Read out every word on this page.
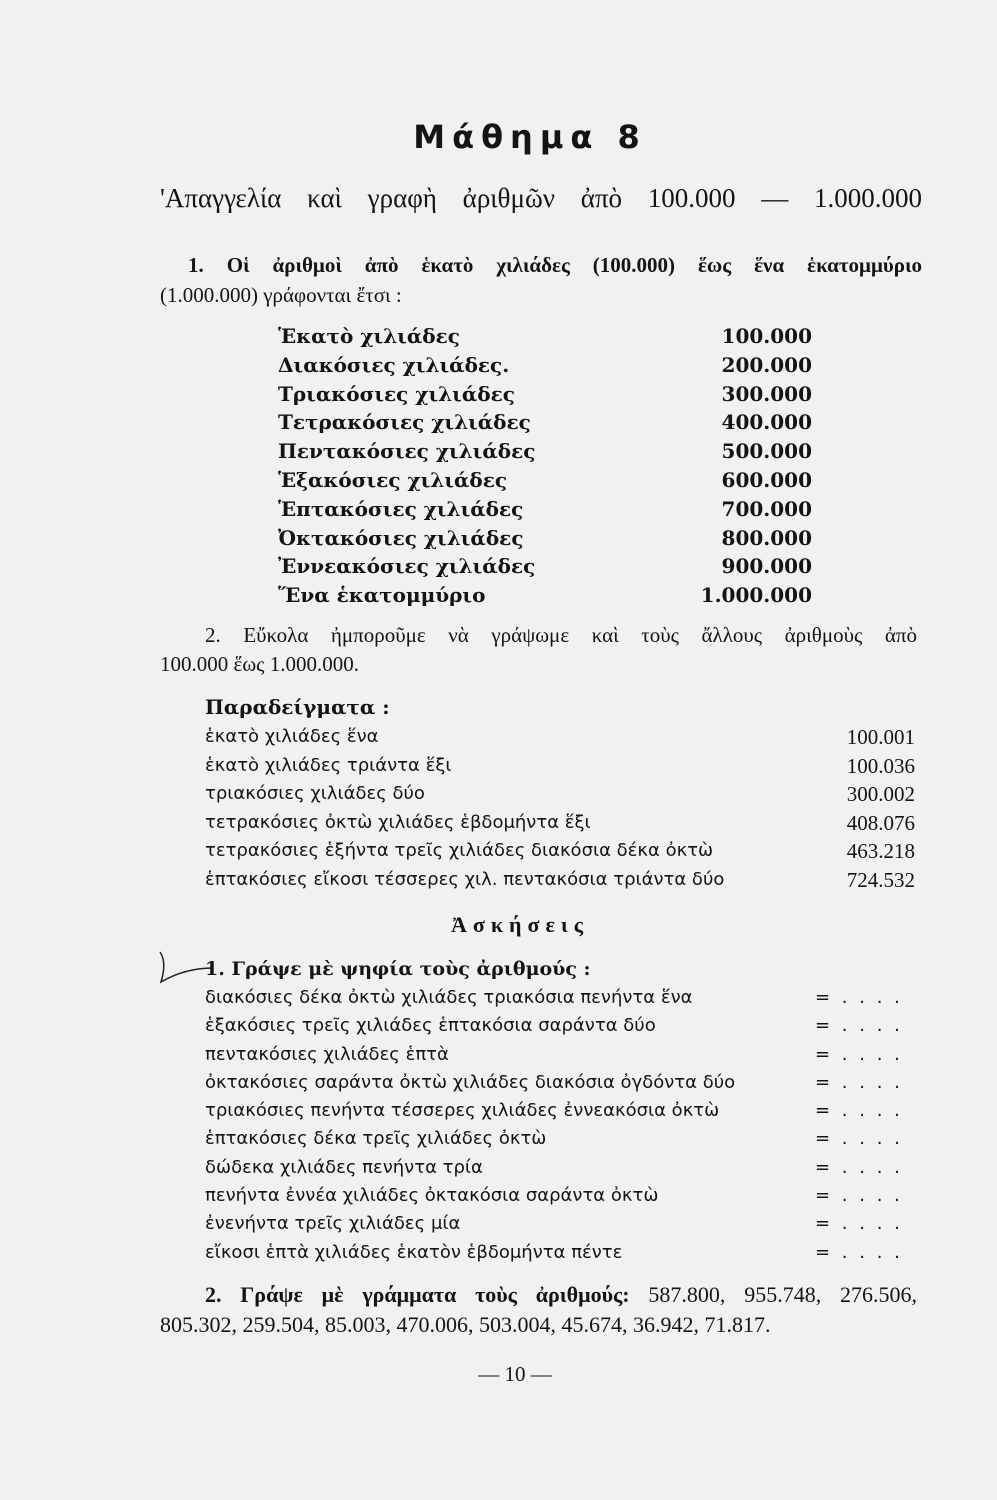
Μάθημα 8
'Απαγγελία καὶ γραφὴ ἀριθμῶν ἀπὸ 100.000 — 1.000.000
1. Οἱ ἀριθμοὶ ἀπὸ ἑκατὸ χιλιάδες (100.000) ἕως ἕνα ἑκατομμύριο
(1.000.000) γράφονται ἔτσι :
Ἑκατὸ χιλιάδες	100.000
Διακόσιες χιλιάδες.	200.000
Τριακόσιες χιλιάδες	300.000
Τετρακόσιες χιλιάδες	400.000
Πεντακόσιες χιλιάδες	500.000
Ἑξακόσιες χιλιάδες	600.000
Ἑπτακόσιες χιλιάδες	700.000
Ὀκτακόσιες χιλιάδες	800.000
Ἐννεακόσιες χιλιάδες	900.000
Ἕνα ἑκατομμύριο	1.000.000
2. Εὔκολα ἠμποροῦμε νὰ γράψωμε καὶ τοὺς ἄλλους ἀριθμοὺς ἀπὸ
100.000 ἕως 1.000.000.
Παραδείγματα :
ἑκατὸ χιλιάδες ἕνα	100.001
ἑκατὸ χιλιάδες τριάντα ἕξι	100.036
τριακόσιες χιλιάδες δύο	300.002
τετρακόσιες ὀκτὼ χιλιάδες ἑβδομήντα ἕξι	408.076
τετρακόσιες ἑξήντα τρεῖς χιλιάδες διακόσια δέκα ὀκτὼ	463.218
ἑπτακόσιες εἴκοσι τέσσερες χιλ. πεντακόσια τριάντα δύο	724.532
Ἀσκήσεις
1. Γράψε μὲ ψηφία τοὺς ἀριθμούς :
διακόσιες δέκα ὀκτὼ χιλιάδες τριακόσια πενήντα ἕνα	= . . . .
ἑξακόσιες τρεῖς χιλιάδες ἑπτακόσια σαράντα δύο	= . . . .
πεντακόσιες χιλιάδες ἑπτὰ	= . . . .
ὀκτακόσιες σαράντα ὀκτὼ χιλιάδες διακόσια ὀγδόντα δύο	= . . . .
τριακόσιες πενήντα τέσσερες χιλιάδες ἐννεακόσια ὀκτὼ	= . . . .
ἑπτακόσιες δέκα τρεῖς χιλιάδες ὀκτὼ	= . . . .
δώδεκα χιλιάδες πενήντα τρία	= . . . .
πενήντα ἐννέα χιλιάδες ὀκτακόσια σαράντα ὀκτὼ	= . . . .
ἐνενήντα τρεῖς χιλιάδες μία	= . . . .
εἴκοσι ἑπτὰ χιλιάδες ἑκατὸν ἑβδομήντα πέντε	= . . . .
2. Γράψε μὲ γράμματα τοὺς ἀριθμούς: 587.800, 955.748, 276.506,
805.302, 259.504, 85.003, 470.006, 503.004, 45.674, 36.942, 71.817.
— 10 —
